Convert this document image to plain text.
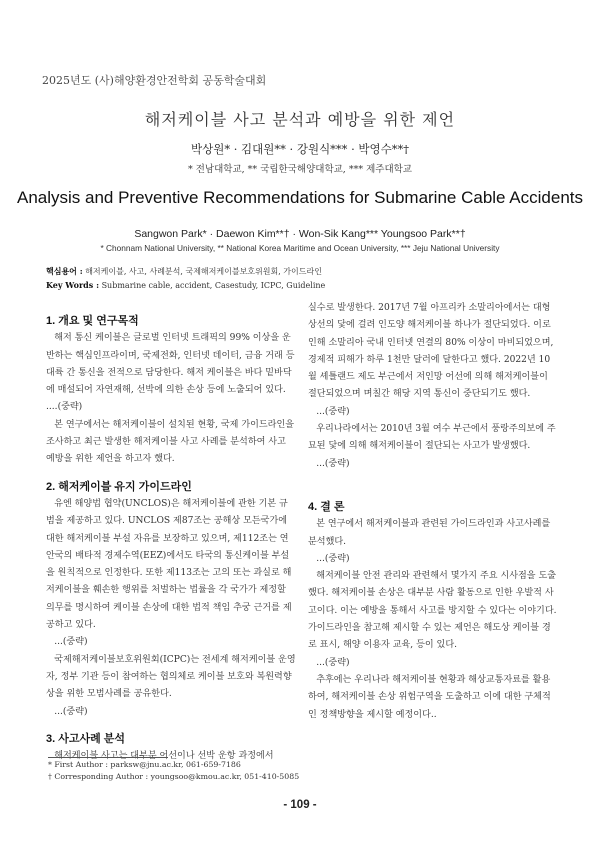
2025년도 (사)해양환경안전학회 공동학술대회
해저케이블 사고 분석과 예방을 위한 제언
박상원* · 김대원** · 강원식*** · 박영수**†
* 전남대학교, ** 국립한국해양대학교, *** 제주대학교
Analysis and Preventive Recommendations for Submarine Cable Accidents
Sangwon Park* · Daewon Kim**† · Won-Sik Kang*** Youngsoo Park**†
* Chonnam National University, ** National Korea Maritime and Ocean University, *** Jeju National University
핵심용어 : 해저케이블, 사고, 사례분석, 국제해저케이블보호위원회, 가이드라인
Key Words : Submarine cable, accident, Casestudy, ICPC, Guideline
1. 개요 및 연구목적

해저 통신 케이블은 글로벌 인터넷 트래픽의 99% 이상을 운반하는 핵심인프라이며, 국제전화, 인터넷 데이터, 금융 거래 등 대륙 간 통신을 전적으로 담당한다. 해저 케이블은 바다 밑바닥에 매설되어 자연재해, 선박에 의한 손상 등에 노출되어 있다. ....(중략)

본 연구에서는 해저케이블이 설치된 현황, 국제 가이드라인을 조사하고 최근 발생한 해저케이블 사고 사례를 분석하여 사고 예방을 위한 제언을 하고자 했다.

2. 해저케이블 유지 가이드라인

유엔 해양법 협약(UNCLOS)은 해저케이블에 관한 기본 규범을 제공하고 있다. UNCLOS 제87조는 공해상 모든국가에 대한 해저케이블 부설 자유를 보장하고 있으며, 제112조는 연안국의 배타적 경제수역(EEZ)에서도 타국의 통신케이블 부설을 원칙적으로 인정한다. 또한 제113조는 고의 또는 과실로 해저케이블을 훼손한 행위를 처벌하는 법률을 각 국가가 제정할 의무를 명시하여 케이블 손상에 대한 법적 책임 추궁 근거를 제공하고 있다.

...(중략)

국제해저케이블보호위원회(ICPC)는 전세계 해저케이블 운영자, 정부 기관 등이 참여하는 협의체로 케이블 보호와 복원력향상을 위한 모범사례를 공유한다.

...(중략)

3. 사고사례 분석

해저케이블 사고는 대부분 어선이나 선박 운항 과정에서

실수로 발생한다. 2017년 7월 아프리카 소말리아에서는 대형 상선의 닻에 걸려 인도양 해저케이블 하나가 절단되었다. 이로 인해 소말리아 국내 인터넷 연결의 80% 이상이 마비되었으며, 경제적 피해가 하루 1천만 달러에 달한다고 했다. 2022년 10월 셰틀랜드 제도 부근에서 저인망 어선에 의해 해저케이블이 절단되었으며 며칠간 해당 지역 통신이 중단되기도 했다.

...(중략)

우리나라에서는 2010년 3월 여수 부근에서 풍랑주의보에 주묘된 닻에 의해 해저케이블이 절단되는 사고가 발생했다.

...(중략)

4. 결 론

본 연구에서 해저케이블과 관련된 가이드라인과 사고사례를 분석했다.

...(중략)

해저케이블 안전 관리와 관련해서 몇가지 주요 시사점을 도출했다. 해저케이블 손상은 대부분 사람 활동으로 인한 우발적 사고이다. 이는 예방을 통해서 사고를 방지할 수 있다는 이야기다. 가이드라인을 참고해 제시할 수 있는 제언은 해도상 케이블 경로 표시, 해양 이용자 교육, 등이 있다.

...(중략)

추후에는 우리나라 해저케이블 현황과 해상교통자료를 활용하여, 해저케이블 손상 위험구역을 도출하고 이에 대한 구체적인 정책방향을 제시할 예정이다..

* First Author : parksw@jnu.ac.kr, 061-659-7186
† Corresponding Author : youngsoo@kmou.ac.kr, 051-410-5085
- 109 -
